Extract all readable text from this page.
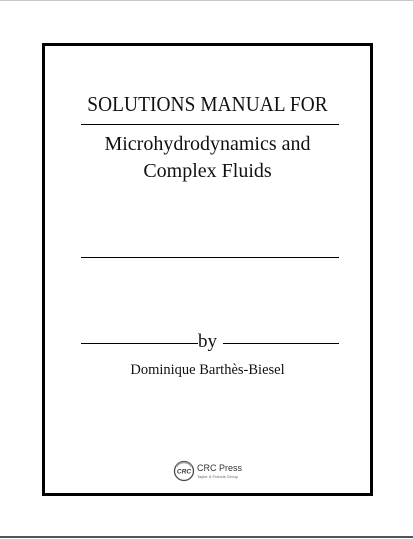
SOLUTIONS MANUAL FOR
Microhydrodynamics and
Complex Fluids
by
Dominique Barthès-Biesel
CRC CRC Press
Taylor & Francis Group
